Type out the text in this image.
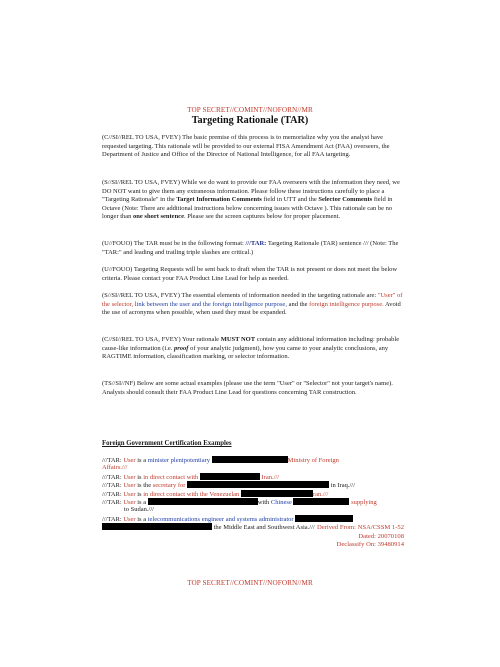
TOP SECRET//COMINT//NOFORN//MR
Targeting Rationale (TAR)

(C//SI//REL TO USA, FVEY) The basic premise of this process is to memorialize why you the analyst have requested targeting. This rationale will be provided to our external FISA Amendment Act (FAA) overseers, the Department of Justice and Office of the Director of National Intelligence, for all FAA targeting.

(S//SI//REL TO USA, FVEY) While we do want to provide our FAA overseers with the information they need, we DO NOT want to give them any extraneous information. Please follow these instructions carefully to place a "Targeting Rationale" in the Target Information Comments field in UTT and the Selector Comments field in Octave (Note: There are additional instructions below concerning issues with Octave ). This rationale can be no longer than one short sentence. Please see the screen captures below for proper placement.

(U//FOUO) The TAR must be in the following format: ///TAR: Targeting Rationale (TAR) sentence /// (Note: The "TAR:" and leading and trailing triple slashes are critical.)

(U//FOUO) Targeting Requests will be sent back to draft when the TAR is not present or does not meet the below criteria. Please contact your FAA Product Line Lead for help as needed.

(S//SI//REL TO USA, FVEY) The essential elements of information needed in the targeting rationale are: "User" of the selector, link between the user and the foreign intelligence purpose, and the foreign intelligence purpose. Avoid the use of acronyms when possible, when used they must be expanded.

(C//SI//REL TO USA, FVEY) Your rationale MUST NOT contain any additional information including: probable cause-like information (i.e. proof of your analytic judgment), how you came to your analytic conclusions, any RAGTIME information, classification marking, or selector information.

(TS//SI//NF) Below are some actual examples (please use the term "User" or "Selector" not your target's name). Analysts should consult their FAA Product Line Lead for questions concerning TAR construction.

Foreign Government Certification Examples

///TAR: User is a minister plenipotentiary	Ministry of Foreign

Affairs.///

///TAR: User is in direct contact with	Iran.///

///TAR: User is the secretary for	in Iraq.///

///TAR: User is in direct contact with the Venezuelan	ran.///

///TAR: User is a	with Chinese	supplying

to Sudan.///

///TAR: User is a telecommunications engineer and systems administrator

the Middle East and Southwest Asia./// Derived From: NSA/CSSM 1-52
Dated: 20070108
Declassify On: 39480914
TOP SECRET//COMINT//NOFORN//MR
